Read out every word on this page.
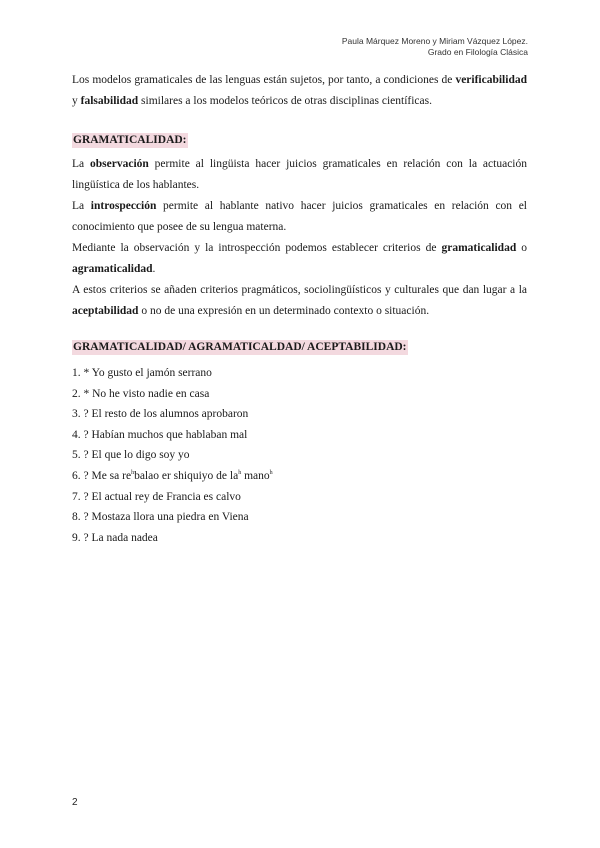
Paula Márquez Moreno y Miriam Vázquez López.
Grado en Filología Clásica

Los modelos gramaticales de las lenguas están sujetos, por tanto, a condiciones de verificabilidad y falsabilidad similares a los modelos teóricos de otras disciplinas científicas.

GRAMATICALIDAD:

La observación permite al lingüista hacer juicios gramaticales en relación con la actuación lingüística de los hablantes.

La introspección permite al hablante nativo hacer juicios gramaticales en relación con el conocimiento que posee de su lengua materna.

Mediante la observación y la introspección podemos establecer criterios de gramaticalidad o agramaticalidad.

A estos criterios se añaden criterios pragmáticos, sociolingüísticos y culturales que dan lugar a la aceptabilidad o no de una expresión en un determinado contexto o situación.

GRAMATICALIDAD/ AGRAMATICALDAD/ ACEPTABILIDAD:
1. * Yo gusto el jamón serrano
2. * No he visto nadie en casa
3. ? El resto de los alumnos aprobaron
4. ? Habían muchos que hablaban mal
5. ? El que lo digo soy yo
6. ? Me sa $re^hbalao$ er shiquiyo de $la^h$ mano$^h$
7. ? El actual rey de Francia es calvo
8. ? Mostaza llora una piedra en Viena
9. ? La nada nadea
2
